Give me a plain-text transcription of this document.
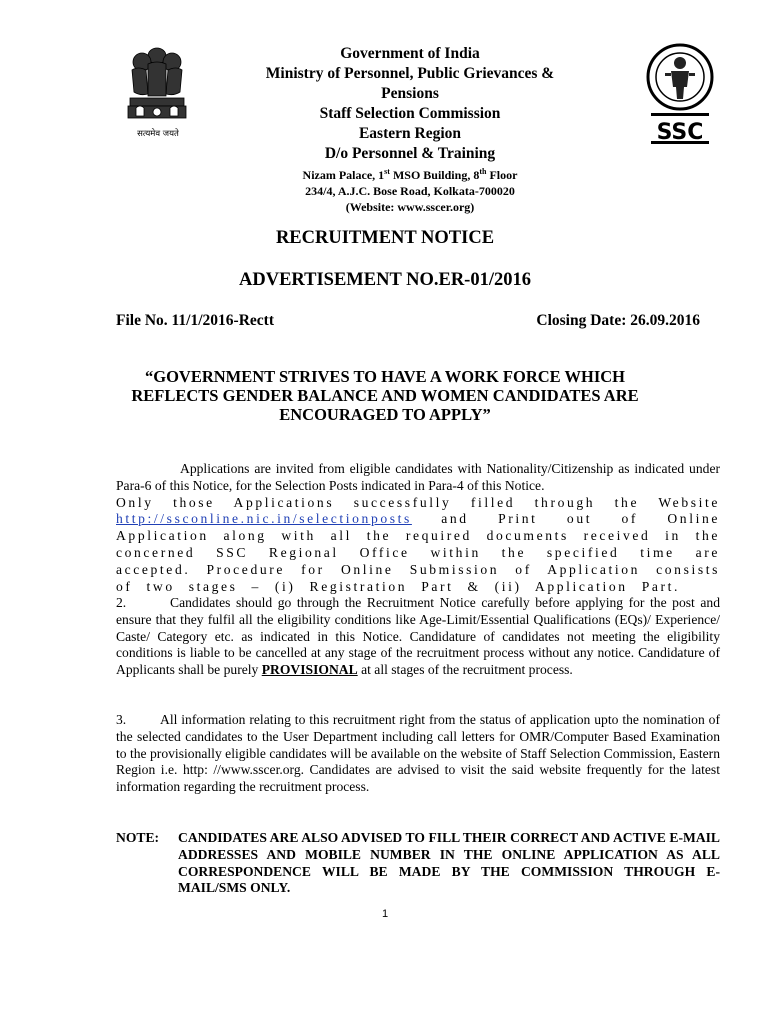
सत्यमेव जयते	SSC
Government of India
Ministry of Personnel, Public Grievances &
Pensions
Staff Selection Commission
Eastern Region
D/o Personnel & Training
Nizam Palace, 1st MSO Building, 8th Floor
234/4, A.J.C. Bose Road, Kolkata-700020
(Website: www.sscer.org)
RECRUITMENT NOTICE
ADVERTISEMENT NO.ER-01/2016
File No. 11/1/2016-Rectt	Closing Date: 26.09.2016
“GOVERNMENT STRIVES TO HAVE A WORK FORCE WHICH REFLECTS GENDER BALANCE AND WOMEN CANDIDATES ARE ENCOURAGED TO APPLY”

Applications are invited from eligible candidates with Nationality/Citizenship as indicated under Para-6 of this Notice, for the Selection Posts indicated in Para-4 of this Notice.

Only those Applications successfully filled through the Website http://ssconline.nic.in/selectionposts and Print out of Online Application along with all the required documents received in the concerned SSC Regional Office within the specified time are accepted. Procedure for Online Submission of Application consists of two stages – (i) Registration Part & (ii) Application Part.

2.	Candidates should go through the Recruitment Notice carefully before applying for the post and ensure that they fulfil all the eligibility conditions like Age-Limit/Essential Qualifications (EQs)/ Experience/ Caste/ Category etc. as indicated in this Notice. Candidature of candidates not meeting the eligibility conditions is liable to be cancelled at any stage of the recruitment process without any notice. Candidature of Applicants shall be purely PROVISIONAL at all stages of the recruitment process.

3. All information relating to this recruitment right from the status of application upto the nomination of the selected candidates to the User Department including call letters for OMR/Computer Based Examination to the provisionally eligible candidates will be available on the website of Staff Selection Commission, Eastern Region i.e. http: //www.sscer.org. Candidates are advised to visit the said website frequently for the latest information regarding the recruitment process.

NOTE: CANDIDATES ARE ALSO ADVISED TO FILL THEIR CORRECT AND ACTIVE E-MAIL ADDRESSES AND MOBILE NUMBER IN THE ONLINE APPLICATION AS ALL CORRESPONDENCE WILL BE MADE BY THE COMMISSION THROUGH E-MAIL/SMS ONLY.
1
